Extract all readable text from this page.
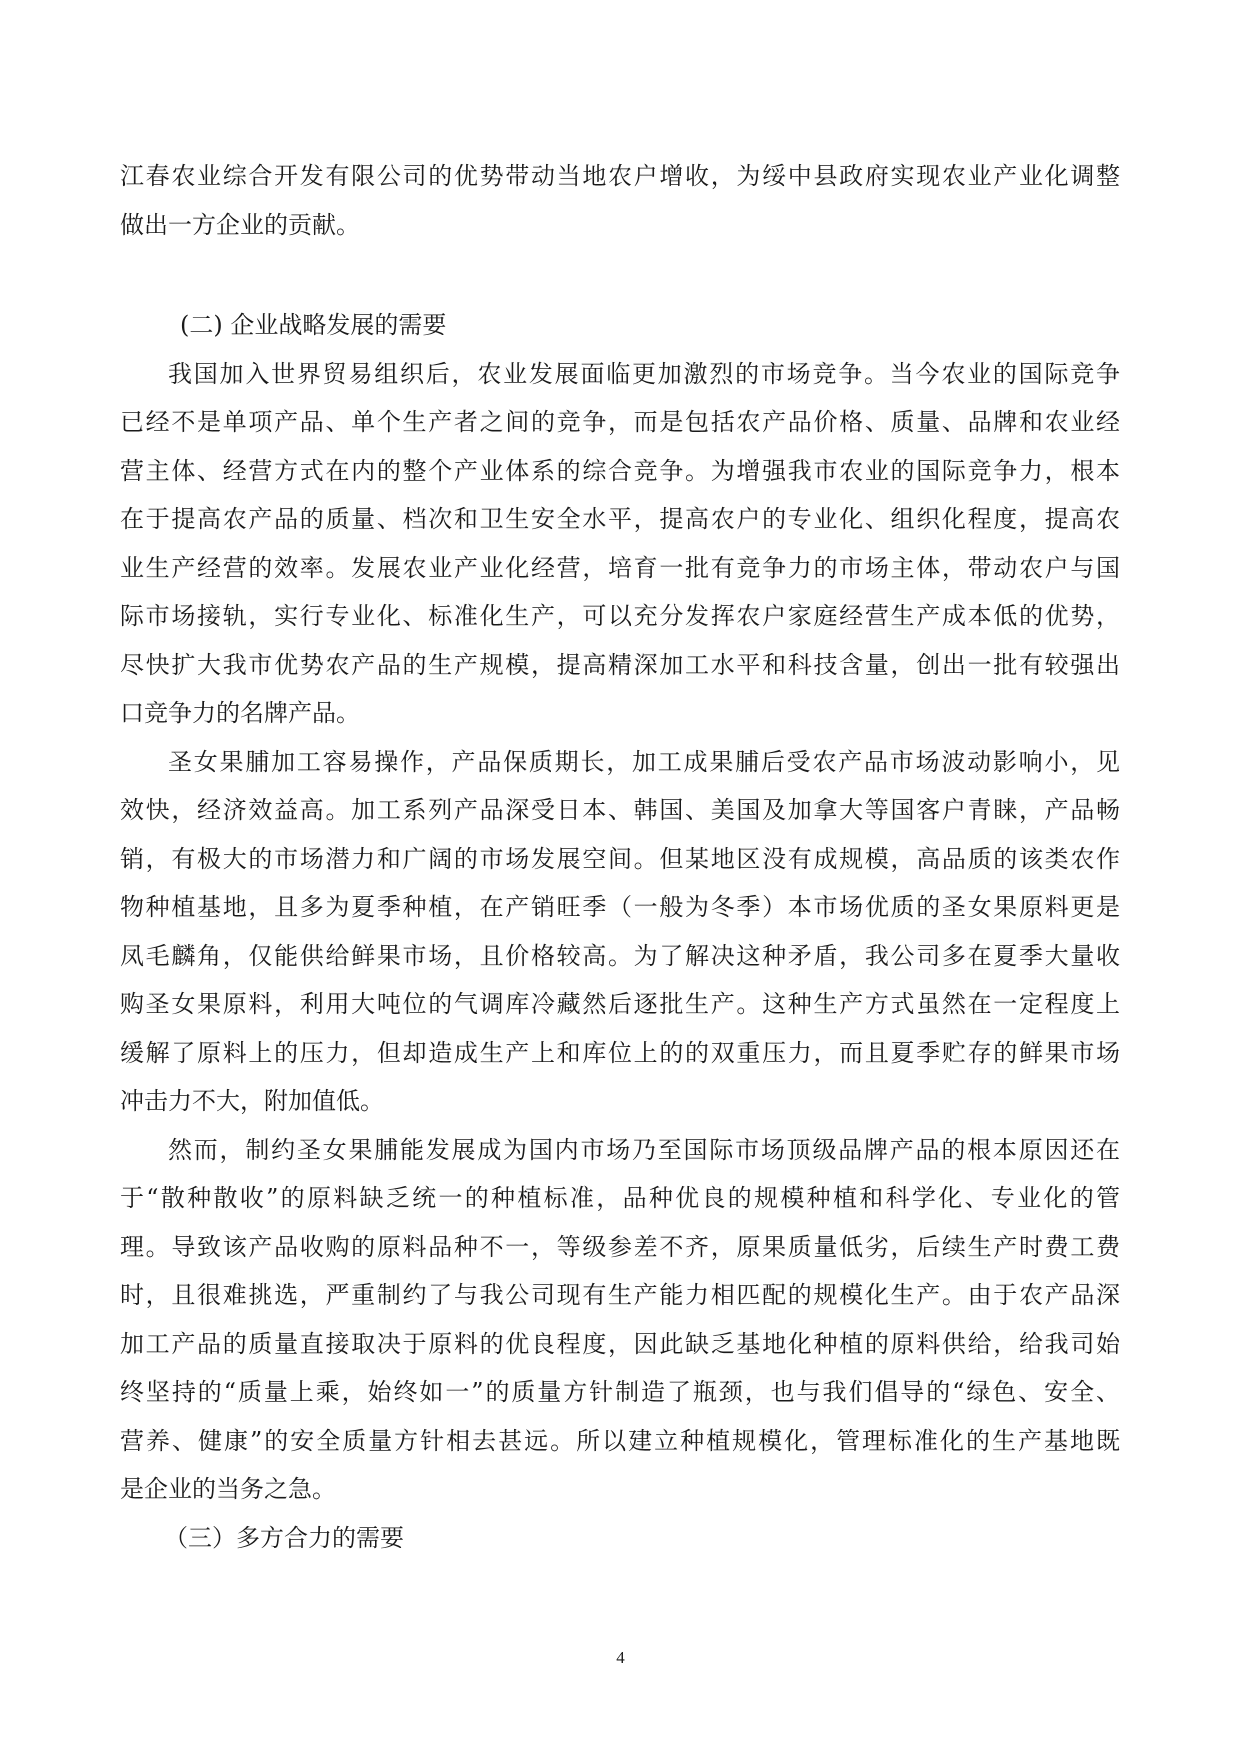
江春农业综合开发有限公司的优势带动当地农户增收，为绥中县政府实现农业产业化调整
做出一方企业的贡献。
(二) 企业战略发展的需要
我国加入世界贸易组织后，农业发展面临更加激烈的市场竞争。当今农业的国际竞争
已经不是单项产品、单个生产者之间的竞争，而是包括农产品价格、质量、品牌和农业经
营主体、经营方式在内的整个产业体系的综合竞争。为增强我市农业的国际竞争力，根本
在于提高农产品的质量、档次和卫生安全水平，提高农户的专业化、组织化程度，提高农
业生产经营的效率。发展农业产业化经营，培育一批有竞争力的市场主体，带动农户与国
际市场接轨，实行专业化、标准化生产，可以充分发挥农户家庭经营生产成本低的优势，
尽快扩大我市优势农产品的生产规模，提高精深加工水平和科技含量，创出一批有较强出
口竞争力的名牌产品。
圣女果脯加工容易操作，产品保质期长，加工成果脯后受农产品市场波动影响小，见
效快，经济效益高。加工系列产品深受日本、韩国、美国及加拿大等国客户青睐，产品畅
销，有极大的市场潜力和广阔的市场发展空间。但某地区没有成规模，高品质的该类农作
物种植基地，且多为夏季种植，在产销旺季（一般为冬季）本市场优质的圣女果原料更是
凤毛麟角，仅能供给鲜果市场，且价格较高。为了解决这种矛盾，我公司多在夏季大量收
购圣女果原料，利用大吨位的气调库冷藏然后逐批生产。这种生产方式虽然在一定程度上
缓解了原料上的压力，但却造成生产上和库位上的的双重压力，而且夏季贮存的鲜果市场
冲击力不大，附加值低。
然而，制约圣女果脯能发展成为国内市场乃至国际市场顶级品牌产品的根本原因还在
于“散种散收”的原料缺乏统一的种植标准，品种优良的规模种植和科学化、专业化的管
理。导致该产品收购的原料品种不一，等级参差不齐，原果质量低劣，后续生产时费工费
时，且很难挑选，严重制约了与我公司现有生产能力相匹配的规模化生产。由于农产品深
加工产品的质量直接取决于原料的优良程度，因此缺乏基地化种植的原料供给，给我司始
终坚持的“质量上乘，始终如一”的质量方针制造了瓶颈，也与我们倡导的“绿色、安全、
营养、健康”的安全质量方针相去甚远。所以建立种植规模化，管理标准化的生产基地既
是企业的当务之急。
（三）多方合力的需要
4
